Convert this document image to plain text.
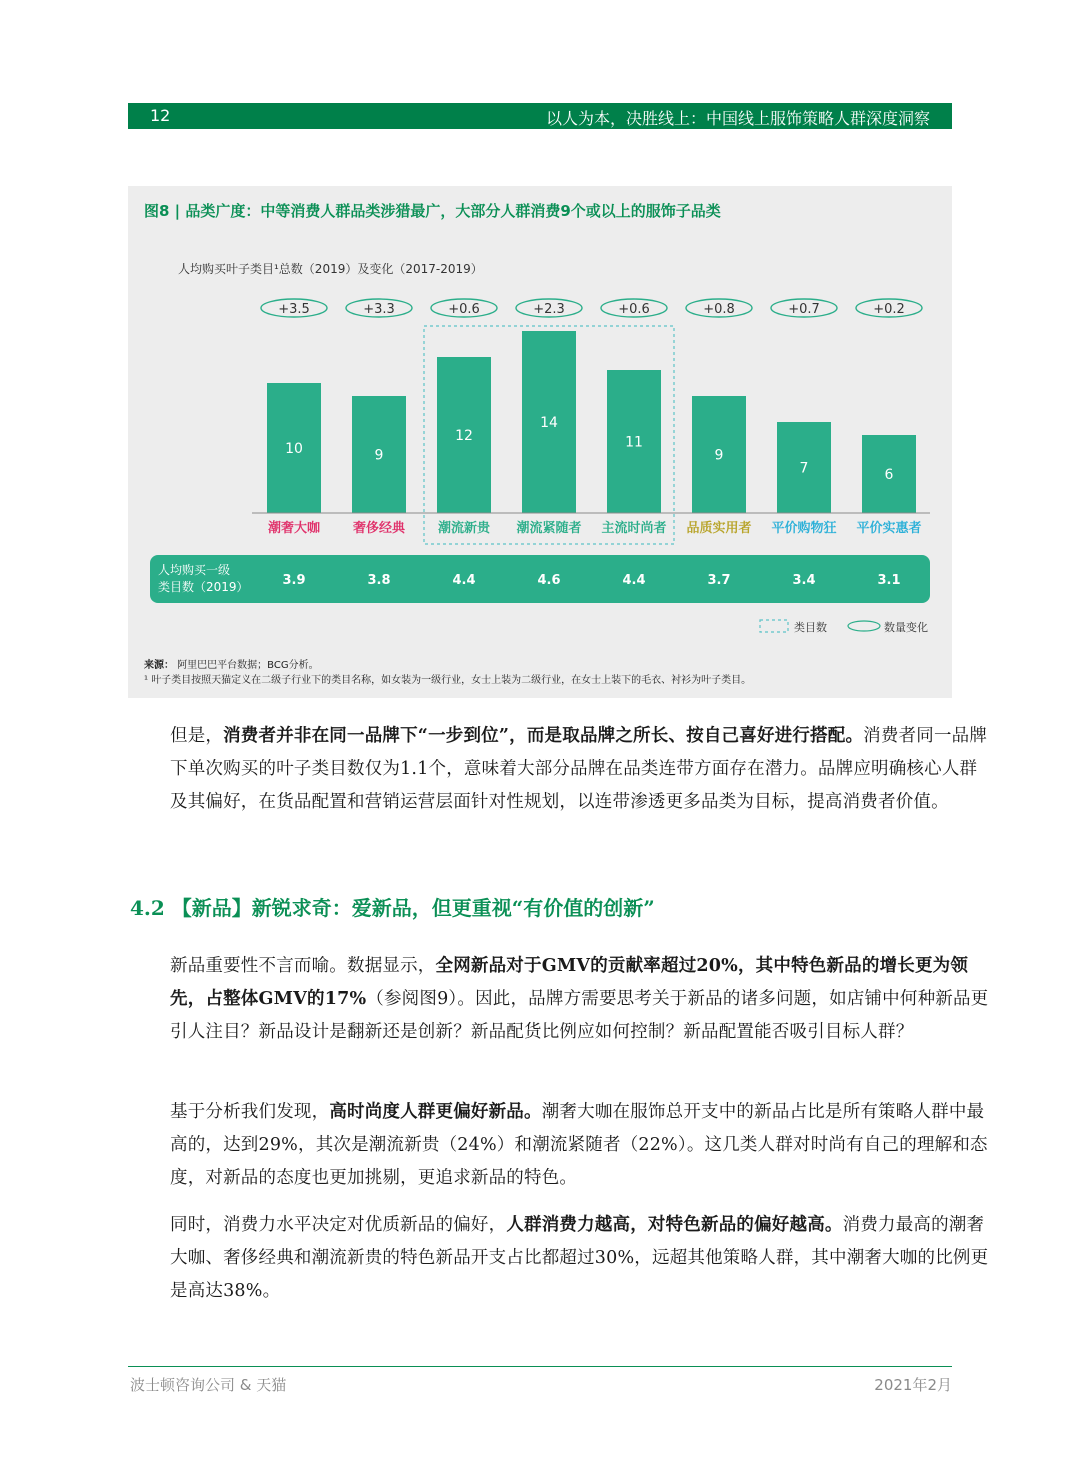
12	以人为本，决胜线上：中国线上服饰策略人群深度洞察
图8 | 品类广度：中等消费人群品类涉猎最广，大部分人群消费9个或以上的服饰子品类
人均购买叶子类目¹总数（2019）及变化（2017-2019）
10
+3.5
潮奢大咖
9
+3.3
奢侈经典
12
+0.6
潮流新贵
14
+2.3
潮流紧随者
11
+0.6
主流时尚者
9
+0.8
品质实用者
7
+0.7
平价购物狂
6
+0.2
平价实惠者
3.9	3.8	4.4	4.6	4.4	3.7	3.4	3.1
人均购买一级
类目数（2019）
类目数	数量变化
来源： 阿里巴巴平台数据；BCG分析。
¹ 叶子类目按照天猫定义在二级子行业下的类目名称，如女装为一级行业，女士上装为二级行业，在女士上装下的毛衣、衬衫为叶子类目。
但是，消费者并非在同一品牌下“一步到位”，而是取品牌之所长、按自己喜好进行搭配。消费者同一品牌下单次购买的叶子类目数仅为1.1个，意味着大部分品牌在品类连带方面存在潜力。品牌应明确核心人群及其偏好，在货品配置和营销运营层面针对性规划，以连带渗透更多品类为目标，提高消费者价值。
4.2 【新品】新锐求奇：爱新品，但更重视“有价值的创新”
新品重要性不言而喻。数据显示，全网新品对于GMV的贡献率超过20%，其中特色新品的增长更为领先，占整体GMV的17%（参阅图9）。因此，品牌方需要思考关于新品的诸多问题，如店铺中何种新品更引人注目？新品设计是翻新还是创新？新品配货比例应如何控制？新品配置能否吸引目标人群？
基于分析我们发现，高时尚度人群更偏好新品。潮奢大咖在服饰总开支中的新品占比是所有策略人群中最高的，达到29%，其次是潮流新贵（24%）和潮流紧随者（22%）。这几类人群对时尚有自己的理解和态度，对新品的态度也更加挑剔，更追求新品的特色。
同时，消费力水平决定对优质新品的偏好，人群消费力越高，对特色新品的偏好越高。消费力最高的潮奢大咖、奢侈经典和潮流新贵的特色新品开支占比都超过30%，远超其他策略人群，其中潮奢大咖的比例更是高达38%。
波士顿咨询公司 & 天猫	2021年2月
